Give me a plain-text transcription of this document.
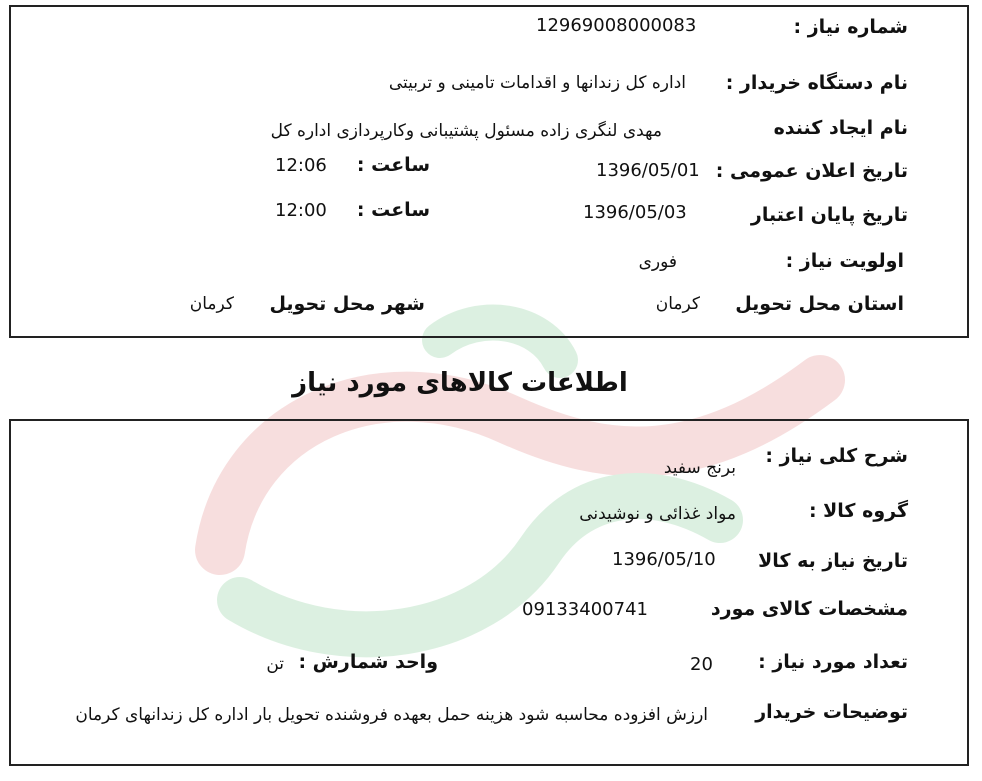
شماره نیاز :
12969008000083
نام دستگاه خریدار :
اداره کل زندانها و اقدامات تامینی و تربیتی
نام ایجاد کننده
مهدی لنگری زاده مسئول پشتیبانی وکارپردازی اداره کل
تاریخ اعلان عمومی :
1396/05/01
ساعت :
12:06
تاریخ پایان اعتبار
1396/05/03
ساعت :
12:00
اولویت نیاز :
فوری
استان محل تحویل
کرمان
شهر محل تحویل
کرمان
اطلاعات کالاهای مورد نیاز
شرح کلی نیاز :
برنج سفید
گروه کالا :
مواد غذائی و نوشیدنی
تاریخ نیاز به کالا
1396/05/10
مشخصات کالای مورد
09133400741
تعداد مورد نیاز :
20
واحد شمارش :
تن
توضیحات خریدار
ارزش افزوده محاسبه شود هزینه حمل بعهده فروشنده تحویل بار اداره کل زندانهای کرمان
